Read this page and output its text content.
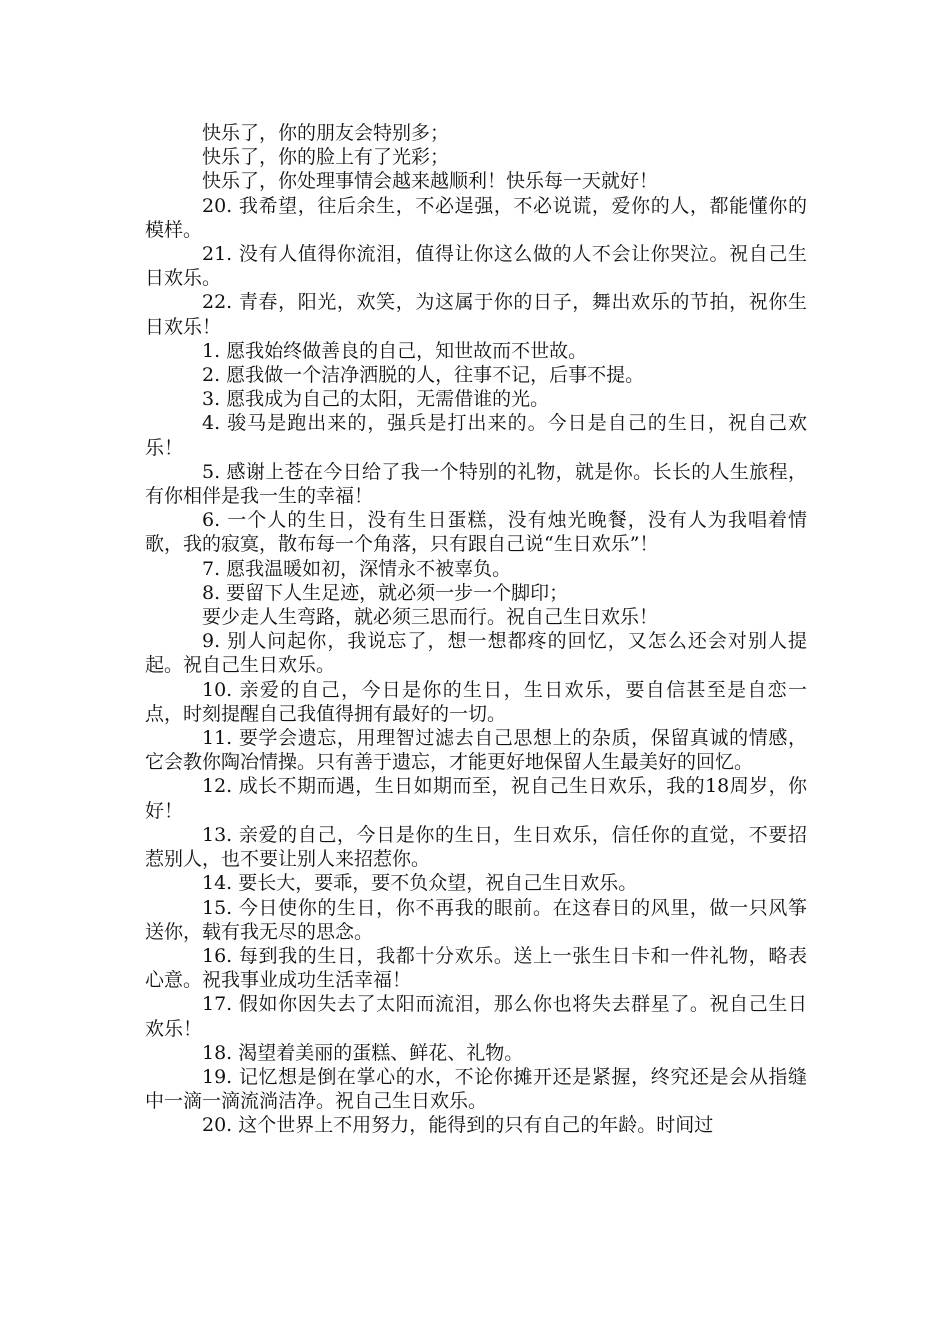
快乐了，你的朋友会特别多；

快乐了，你的脸上有了光彩；

快乐了，你处理事情会越来越顺利！快乐每一天就好！

20. 我希望，往后余生，不必逞强，不必说谎，爱你的人，都能懂你的模样。

21. 没有人值得你流泪，值得让你这么做的人不会让你哭泣。祝自己生日欢乐。

22. 青春，阳光，欢笑，为这属于你的日子，舞出欢乐的节拍，祝你生日欢乐！

1. 愿我始终做善良的自己，知世故而不世故。

2. 愿我做一个洁净洒脱的人，往事不记，后事不提。

3. 愿我成为自己的太阳，无需借谁的光。

4. 骏马是跑出来的，强兵是打出来的。今日是自己的生日，祝自己欢乐！

5. 感谢上苍在今日给了我一个特别的礼物，就是你。长长的人生旅程，有你相伴是我一生的幸福！

6. 一个人的生日，没有生日蛋糕，没有烛光晚餐，没有人为我唱着情歌，我的寂寞，散布每一个角落，只有跟自己说“生日欢乐”！

7. 愿我温暖如初，深情永不被辜负。

8. 要留下人生足迹，就必须一步一个脚印；

要少走人生弯路，就必须三思而行。祝自己生日欢乐！

9. 别人问起你，我说忘了，想一想都疼的回忆，又怎么还会对别人提起。祝自己生日欢乐。

10. 亲爱的自己，今日是你的生日，生日欢乐，要自信甚至是自恋一点，时刻提醒自己我值得拥有最好的一切。

11. 要学会遗忘，用理智过滤去自己思想上的杂质，保留真诚的情感，它会教你陶冶情操。只有善于遗忘，才能更好地保留人生最美好的回忆。

12. 成长不期而遇，生日如期而至，祝自己生日欢乐，我的18周岁，你好！

13. 亲爱的自己，今日是你的生日，生日欢乐，信任你的直觉，不要招惹别人，也不要让别人来招惹你。

14. 要长大，要乖，要不负众望，祝自己生日欢乐。

15. 今日使你的生日，你不再我的眼前。在这春日的风里，做一只风筝送你，载有我无尽的思念。

16. 每到我的生日，我都十分欢乐。送上一张生日卡和一件礼物，略表心意。祝我事业成功生活幸福！

17. 假如你因失去了太阳而流泪，那么你也将失去群星了。祝自己生日欢乐！

18. 渴望着美丽的蛋糕、鲜花、礼物。

19. 记忆想是倒在掌心的水，不论你摊开还是紧握，终究还是会从指缝中一滴一滴流淌洁净。祝自己生日欢乐。

20. 这个世界上不用努力，能得到的只有自己的年龄。时间过
